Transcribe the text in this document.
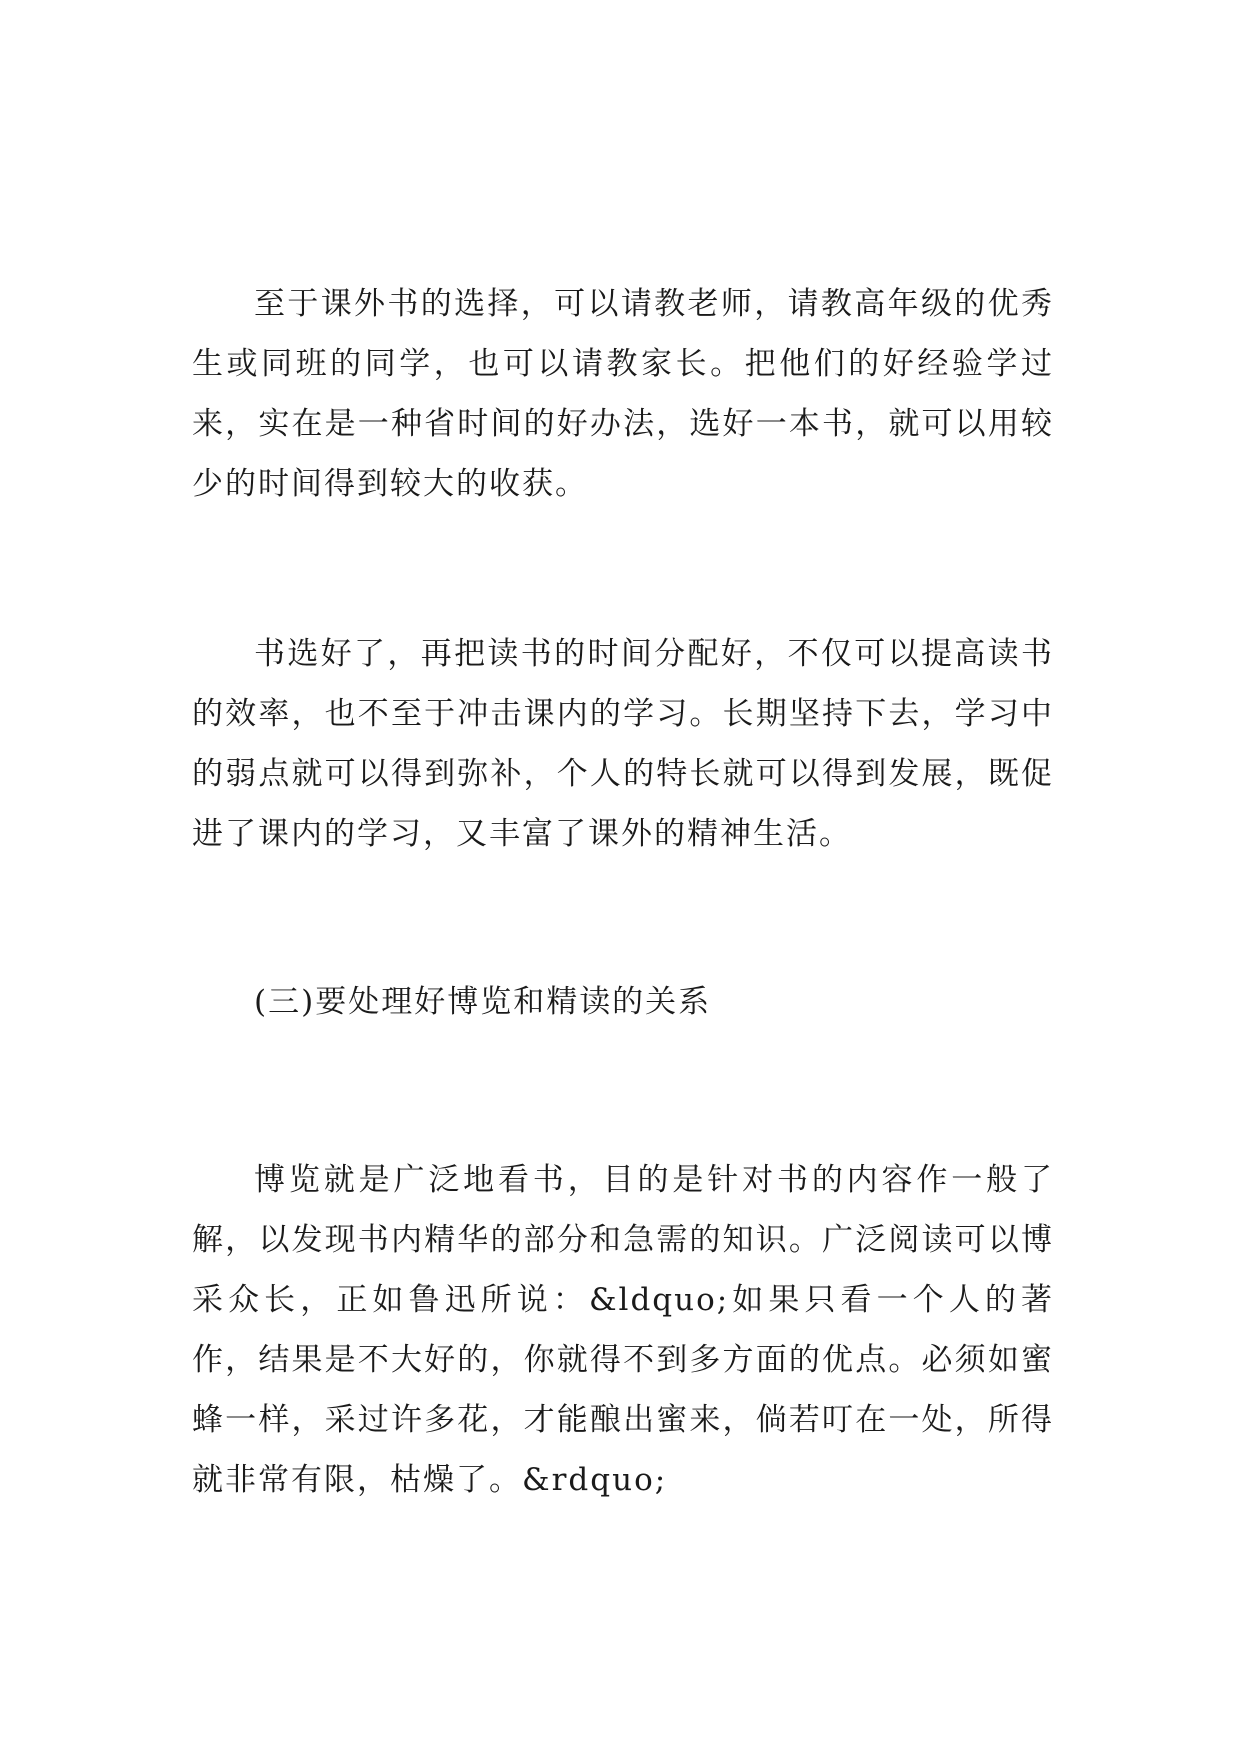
至于课外书的选择，可以请教老师，请教高年级的优秀生或同班的同学，也可以请教家长。把他们的好经验学过来，实在是一种省时间的好办法，选好一本书，就可以用较少的时间得到较大的收获。

书选好了，再把读书的时间分配好，不仅可以提高读书的效率，也不至于冲击课内的学习。长期坚持下去，学习中的弱点就可以得到弥补，个人的特长就可以得到发展，既促进了课内的学习，又丰富了课外的精神生活。

(三)要处理好博览和精读的关系

博览就是广泛地看书，目的是针对书的内容作一般了解，以发现书内精华的部分和急需的知识。广泛阅读可以博采众长，正如鲁迅所说：&ldquo;如果只看一个人的著作，结果是不大好的，你就得不到多方面的优点。必须如蜜蜂一样，采过许多花，才能酿出蜜来，倘若叮在一处，所得就非常有限，枯燥了。&rdquo;
